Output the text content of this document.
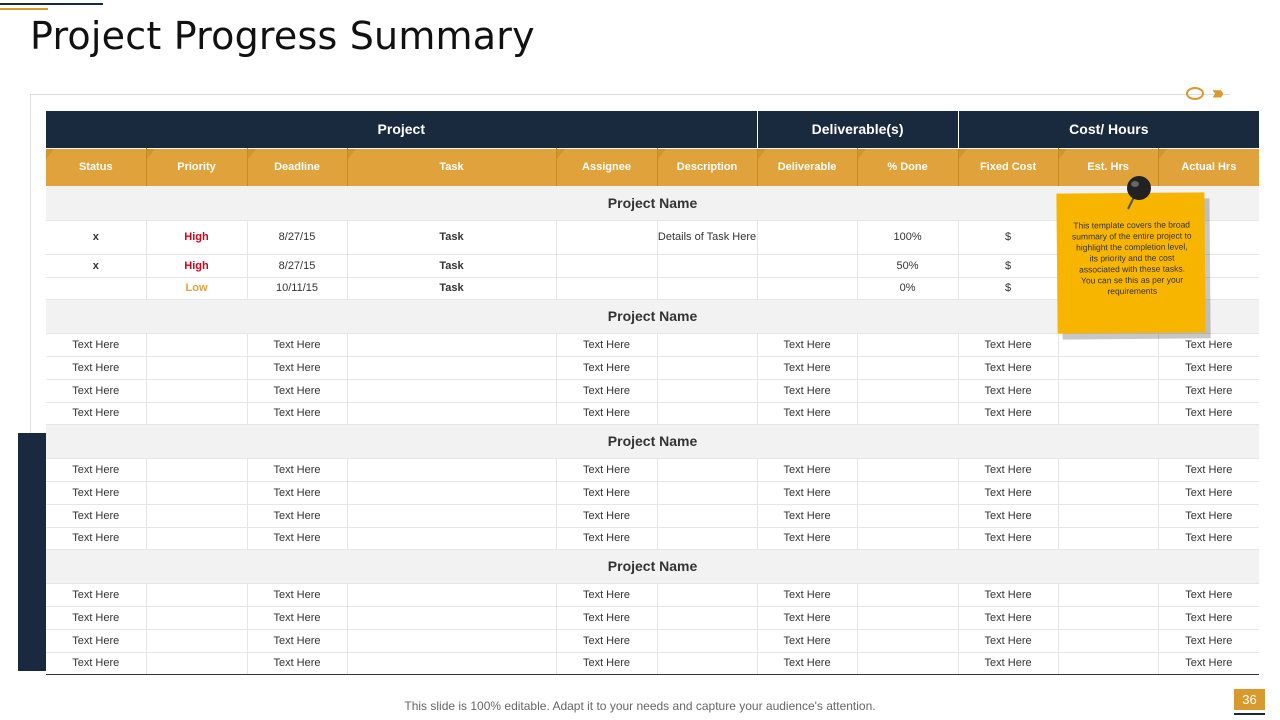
Project Progress Summary
››››
Project						Deliverable(s)		Cost/ Hours		
Status	Priority	Deadline	Task	Assignee	Description	Deliverable	% Done	Fixed Cost	Est. Hrs	Actual Hrs
Project Name										
x	High	8/27/15	Task		Details of Task Here		100%	$		
x	High	8/27/15	Task				50%	$		
	Low	10/11/15	Task				0%	$		
Project Name										
Text Here		Text Here		Text Here		Text Here		Text Here		Text Here
Text Here		Text Here		Text Here		Text Here		Text Here		Text Here
Text Here		Text Here		Text Here		Text Here		Text Here		Text Here
Text Here		Text Here		Text Here		Text Here		Text Here		Text Here
Project Name										
Text Here		Text Here		Text Here		Text Here		Text Here		Text Here
Text Here		Text Here		Text Here		Text Here		Text Here		Text Here
Text Here		Text Here		Text Here		Text Here		Text Here		Text Here
Text Here		Text Here		Text Here		Text Here		Text Here		Text Here
Project Name										
Text Here		Text Here		Text Here		Text Here		Text Here		Text Here
Text Here		Text Here		Text Here		Text Here		Text Here		Text Here
Text Here		Text Here		Text Here		Text Here		Text Here		Text Here
Text Here		Text Here		Text Here		Text Here		Text Here		Text Here
This template covers the broad summary of the entire project to highlight the completion level, its priority and the cost associated with these tasks. You can se this as per your requirements
This slide is 100% editable. Adapt it to your needs and capture your audience's attention.	36
